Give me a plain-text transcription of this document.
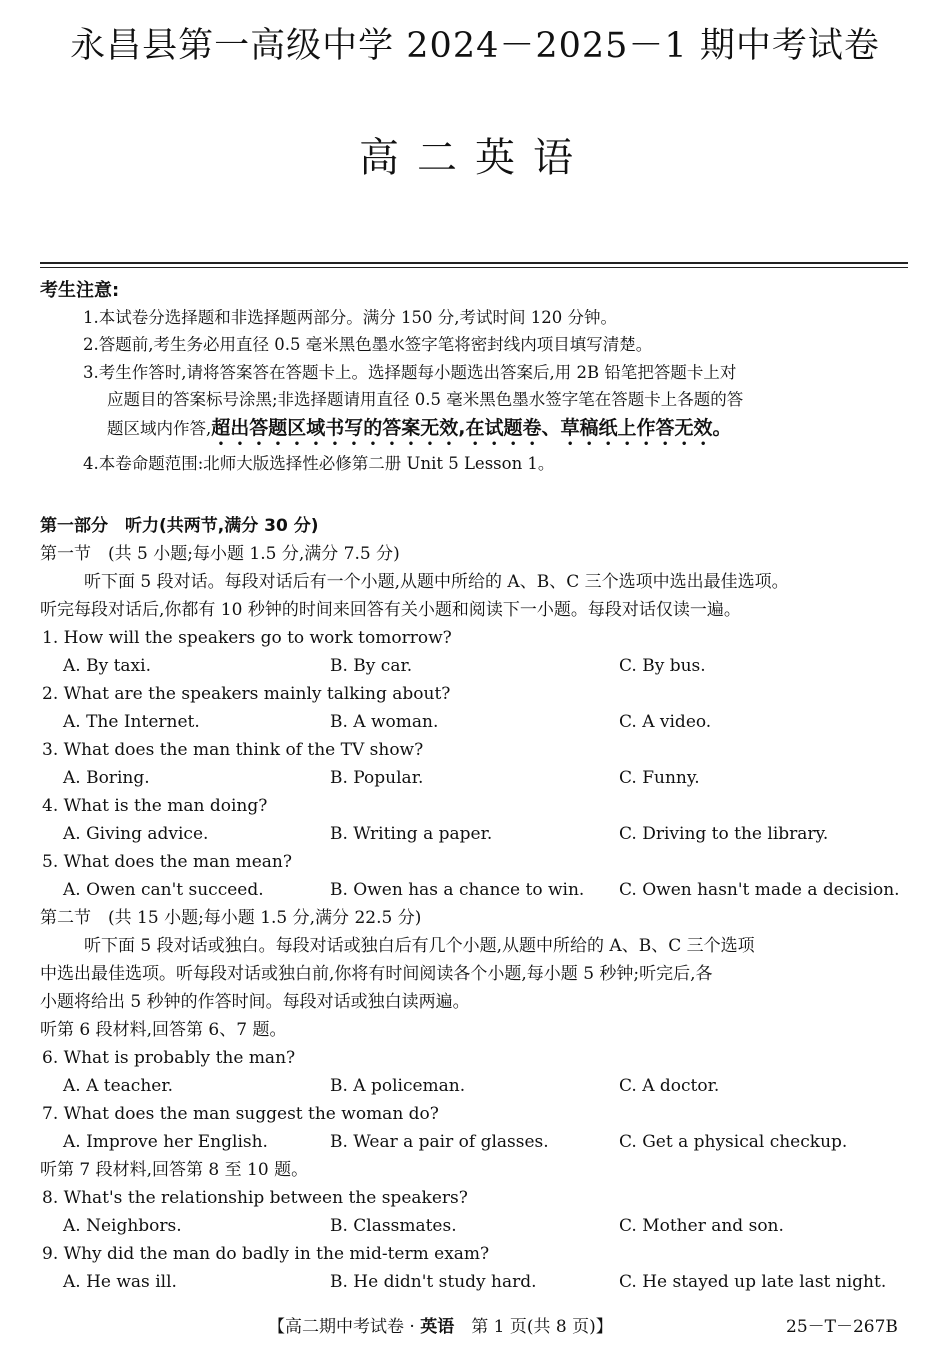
永昌县第一高级中学 2024－2025－1 期中考试卷
高二英语
考生注意:
1.本试卷分选择题和非选择题两部分。满分 150 分,考试时间 120 分钟。
2.答题前,考生务必用直径 0.5 毫米黑色墨水签字笔将密封线内项目填写清楚。
3.考生作答时,请将答案答在答题卡上。选择题每小题选出答案后,用 2B 铅笔把答题卡上对
应题目的答案标号涂黑;非选择题请用直径 0.5 毫米黑色墨水签字笔在答题卡上各题的答
题区域内作答,超出答题区域书写的答案无效,在试题卷、草稿纸上作答无效。
4.本卷命题范围:北师大版选择性必修第二册 Unit 5 Lesson 1。
第一部分　听力(共两节,满分 30 分)
第一节　(共 5 小题;每小题 1.5 分,满分 7.5 分)
听下面 5 段对话。每段对话后有一个小题,从题中所给的 A、B、C 三个选项中选出最佳选项。
听完每段对话后,你都有 10 秒钟的时间来回答有关小题和阅读下一小题。每段对话仅读一遍。
1. How will the speakers go to work tomorrow?
A. By taxi.	B. By car.	C. By bus.
2. What are the speakers mainly talking about?
A. The Internet.	B. A woman.	C. A video.
3. What does the man think of the TV show?
A. Boring.	B. Popular.	C. Funny.
4. What is the man doing?
A. Giving advice.	B. Writing a paper.	C. Driving to the library.
5. What does the man mean?
A. Owen can't succeed.	B. Owen has a chance to win. C. Owen hasn't made a decision.
第二节　(共 15 小题;每小题 1.5 分,满分 22.5 分)
听下面 5 段对话或独白。每段对话或独白后有几个小题,从题中所给的 A、B、C 三个选项
中选出最佳选项。听每段对话或独白前,你将有时间阅读各个小题,每小题 5 秒钟;听完后,各
小题将给出 5 秒钟的作答时间。每段对话或独白读两遍。
听第 6 段材料,回答第 6、7 题。
6. What is probably the man?
A. A teacher.	B. A policeman.	C. A doctor.
7. What does the man suggest the woman do?
A. Improve her English.	B. Wear a pair of glasses.	C. Get a physical checkup.
听第 7 段材料,回答第 8 至 10 题。
8. What's the relationship between the speakers?
A. Neighbors.	B. Classmates.	C. Mother and son.
9. Why did the man do badly in the mid-term exam?
A. He was ill.	B. He didn't study hard.	C. He stayed up late last night.
【高二期中考试卷 · 英语　第 1 页(共 8 页)】	25－T－267B
